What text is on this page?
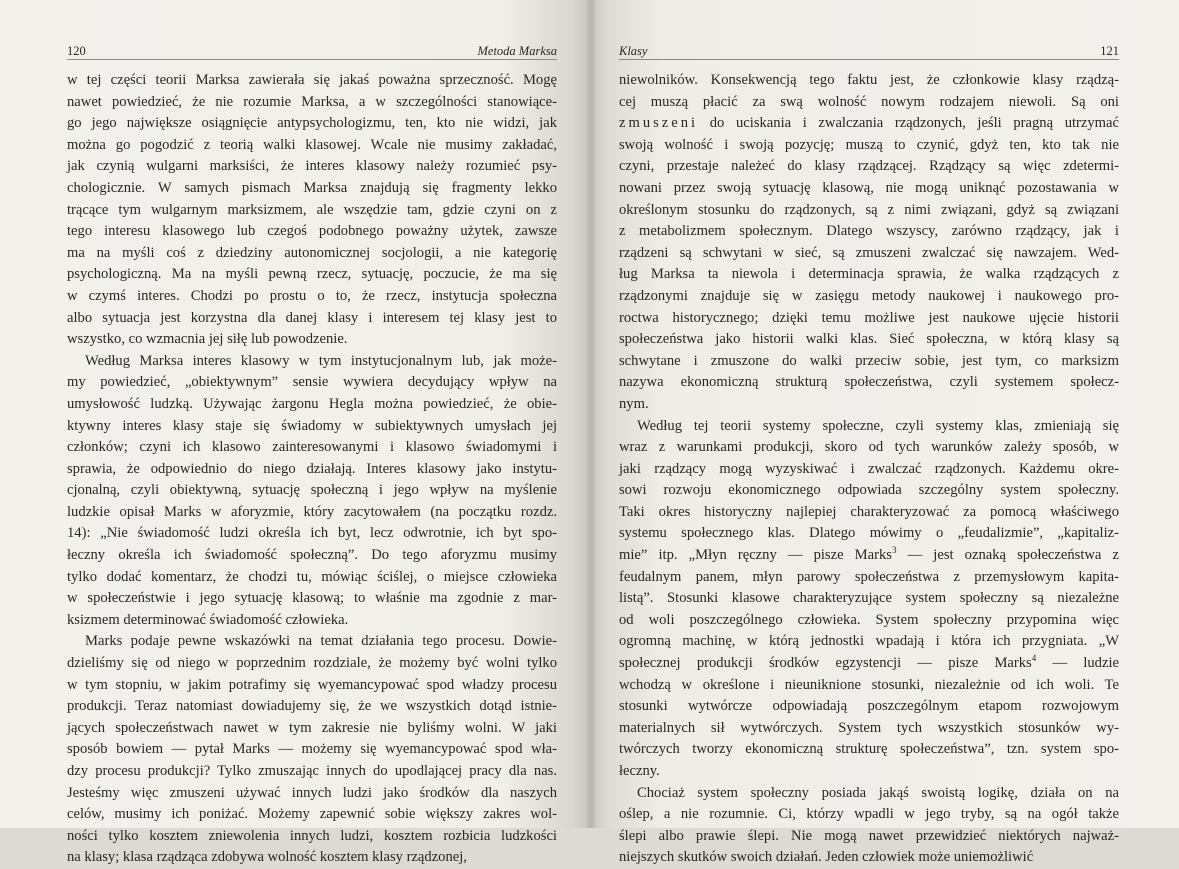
120	Metoda Marksa
w tej części teorii Marksa zawierała się jakaś poważna sprzeczność. Mogę
nawet powiedzieć, że nie rozumie Marksa, a w szczególności stanowiące-
go jego największe osiągnięcie antypsychologizmu, ten, kto nie widzi, jak
można go pogodzić z teorią walki klasowej. Wcale nie musimy zakładać,
jak czynią wulgarni marksiści, że interes klasowy należy rozumieć psy-
chologicznie. W samych pismach Marksa znajdują się fragmenty lekko
trącące tym wulgarnym marksizmem, ale wszędzie tam, gdzie czyni on z
tego interesu klasowego lub czegoś podobnego poważny użytek, zawsze
ma na myśli coś z dziedziny autonomicznej socjologii, a nie kategorię
psychologiczną. Ma na myśli pewną rzecz, sytuację, poczucie, że ma się
w czymś interes. Chodzi po prostu o to, że rzecz, instytucja społeczna
albo sytuacja jest korzystna dla danej klasy i interesem tej klasy jest to
wszystko, co wzmacnia jej siłę lub powodzenie.
Według Marksa interes klasowy w tym instytucjonalnym lub, jak może-
my powiedzieć, „obiektywnym” sensie wywiera decydujący wpływ na
umysłowość ludzką. Używając żargonu Hegla można powiedzieć, że obie-
ktywny interes klasy staje się świadomy w subiektywnych umysłach jej
członków; czyni ich klasowo zainteresowanymi i klasowo świadomymi i
sprawia, że odpowiednio do niego działają. Interes klasowy jako instytu-
cjonalną, czyli obiektywną, sytuację społeczną i jego wpływ na myślenie
ludzkie opisał Marks w aforyzmie, który zacytowałem (na początku rozdz.
14): „Nie świadomość ludzi określa ich byt, lecz odwrotnie, ich byt spo-
łeczny określa ich świadomość społeczną”. Do tego aforyzmu musimy
tylko dodać komentarz, że chodzi tu, mówiąc ściślej, o miejsce człowieka
w społeczeństwie i jego sytuację klasową; to właśnie ma zgodnie z mar-
ksizmem determinować świadomość człowieka.
Marks podaje pewne wskazówki na temat działania tego procesu. Dowie-
dzieliśmy się od niego w poprzednim rozdziale, że możemy być wolni tylko
w tym stopniu, w jakim potrafimy się wyemancypować spod władzy procesu
produkcji. Teraz natomiast dowiadujemy się, że we wszystkich dotąd istnie-
jących społeczeństwach nawet w tym zakresie nie byliśmy wolni. W jaki
sposób bowiem — pytał Marks — możemy się wyemancypować spod wła-
dzy procesu produkcji? Tylko zmuszając innych do upodlającej pracy dla nas.
Jesteśmy więc zmuszeni używać innych ludzi jako środków dla naszych
celów, musimy ich poniżać. Możemy zapewnić sobie większy zakres wol-
ności tylko kosztem zniewolenia innych ludzi, kosztem rozbicia ludzkości
na klasy; klasa rządząca zdobywa wolność kosztem klasy rządzonej,
Klasy	121
niewolników. Konsekwencją tego faktu jest, że członkowie klasy rządzą-
cej muszą płacić za swą wolność nowym rodzajem niewoli. Są oni
zmuszeni do uciskania i zwalczania rządzonych, jeśli pragną utrzymać
swoją wolność i swoją pozycję; muszą to czynić, gdyż ten, kto tak nie
czyni, przestaje należeć do klasy rządzącej. Rządzący są więc zdetermi-
nowani przez swoją sytuację klasową, nie mogą uniknąć pozostawania w
określonym stosunku do rządzonych, są z nimi związani, gdyż są związani
z metabolizmem społecznym. Dlatego wszyscy, zarówno rządzący, jak i
rządzeni są schwytani w sieć, są zmuszeni zwalczać się nawzajem. Wed-
ług Marksa ta niewola i determinacja sprawia, że walka rządzących z
rządzonymi znajduje się w zasięgu metody naukowej i naukowego pro-
roctwa historycznego; dzięki temu możliwe jest naukowe ujęcie historii
społeczeństwa jako historii walki klas. Sieć społeczna, w którą klasy są
schwytane i zmuszone do walki przeciw sobie, jest tym, co marksizm
nazywa ekonomiczną strukturą społeczeństwa, czyli systemem społecz-
nym.
Według tej teorii systemy społeczne, czyli systemy klas, zmieniają się
wraz z warunkami produkcji, skoro od tych warunków zależy sposób, w
jaki rządzący mogą wyzyskiwać i zwalczać rządzonych. Każdemu okre-
sowi rozwoju ekonomicznego odpowiada szczególny system społeczny.
Taki okres historyczny najlepiej charakteryzować za pomocą właściwego
systemu społecznego klas. Dlatego mówimy o „feudalizmie”, „kapitaliz-
mie” itp. „Młyn ręczny — pisze Marks$^3$ — jest oznaką społeczeństwa z
feudalnym panem, młyn parowy społeczeństwa z przemysłowym kapita-
listą”. Stosunki klasowe charakteryzujące system społeczny są niezależne
od woli poszczególnego człowieka. System społeczny przypomina więc
ogromną machinę, w którą jednostki wpadają i która ich przygniata. „W
społecznej produkcji środków egzystencji — pisze Marks$^4$ — ludzie
wchodzą w określone i nieuniknione stosunki, niezależnie od ich woli. Te
stosunki wytwórcze odpowiadają poszczególnym etapom rozwojowym
materialnych sił wytwórczych. System tych wszystkich stosunków wy-
twórczych tworzy ekonomiczną strukturę społeczeństwa”, tzn. system spo-
łeczny.
Chociaż system społeczny posiada jakąś swoistą logikę, działa on na
oślep, a nie rozumnie. Ci, którzy wpadli w jego tryby, są na ogół także
ślepi albo prawie ślepi. Nie mogą nawet przewidzieć niektórych najważ-
niejszych skutków swoich działań. Jeden człowiek może uniemożliwić
